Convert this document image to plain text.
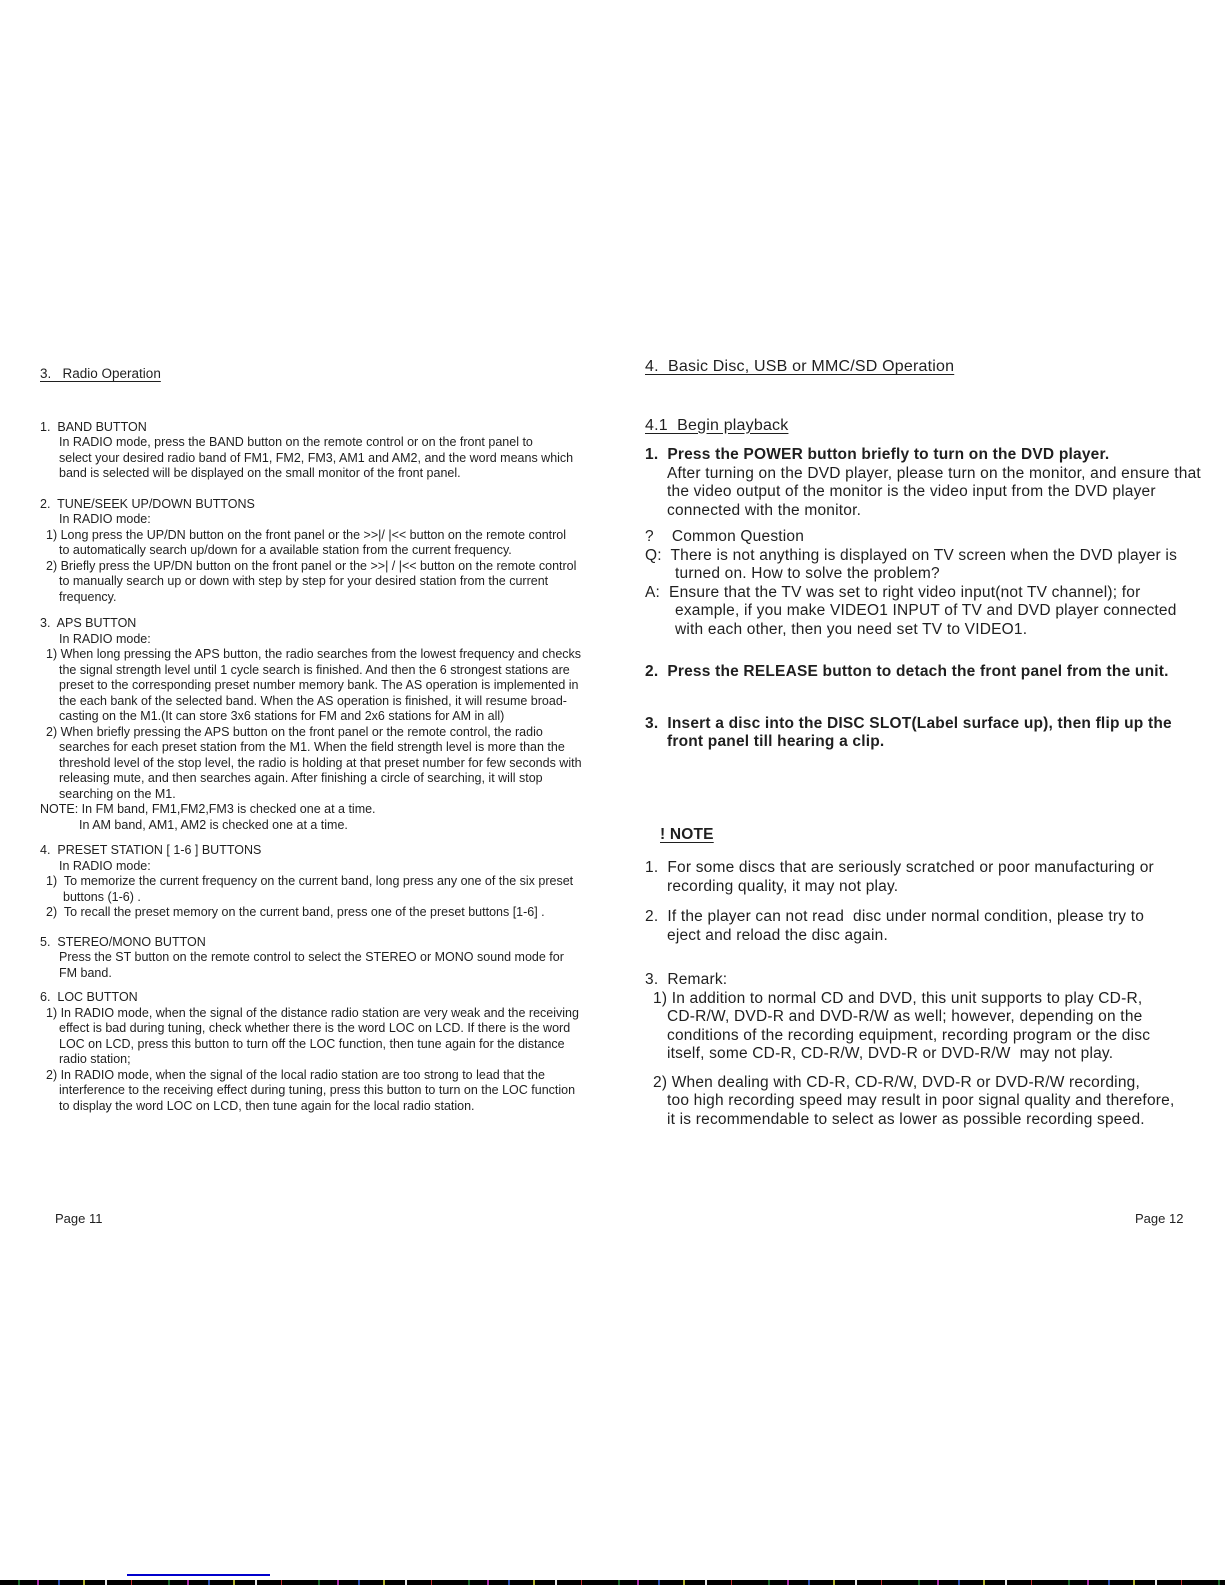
3.   Radio Operation
1.  BAND BUTTON
In RADIO mode, press the BAND button on the remote control or on the front panel to
select your desired radio band of FM1, FM2, FM3, AM1 and AM2, and the word means which
band is selected will be displayed on the small monitor of the front panel.
2.  TUNE/SEEK UP/DOWN BUTTONS
In RADIO mode:
1) Long press the UP/DN button on the front panel or the >>|/ |<< button on the remote control
to automatically search up/down for a available station from the current frequency.
2) Briefly press the UP/DN button on the front panel or the >>| / |<< button on the remote control
to manually search up or down with step by step for your desired station from the current
frequency.
3.  APS BUTTON
In RADIO mode:
1) When long pressing the APS button, the radio searches from the lowest frequency and checks
the signal strength level until 1 cycle search is finished. And then the 6 strongest stations are
preset to the corresponding preset number memory bank. The AS operation is implemented in
the each bank of the selected band. When the AS operation is finished, it will resume broad-
casting on the M1.(It can store 3x6 stations for FM and 2x6 stations for AM in all)
2) When briefly pressing the APS button on the front panel or the remote control, the radio
searches for each preset station from the M1. When the field strength level is more than the
threshold level of the stop level, the radio is holding at that preset number for few seconds with
releasing mute, and then searches again. After finishing a circle of searching, it will stop
searching on the M1.
NOTE: In FM band, FM1,FM2,FM3 is checked one at a time.
In AM band, AM1, AM2 is checked one at a time.
4.  PRESET STATION [ 1-6 ] BUTTONS
In RADIO mode:
1)  To memorize the current frequency on the current band, long press any one of the six preset
buttons (1-6) .
2)  To recall the preset memory on the current band, press one of the preset buttons [1-6] .
5.  STEREO/MONO BUTTON
Press the ST button on the remote control to select the STEREO or MONO sound mode for
FM band.
6.  LOC BUTTON
1) In RADIO mode, when the signal of the distance radio station are very weak and the receiving
effect is bad during tuning, check whether there is the word LOC on LCD. If there is the word
LOC on LCD, press this button to turn off the LOC function, then tune again for the distance
radio station;
2) In RADIO mode, when the signal of the local radio station are too strong to lead that the
interference to the receiving effect during tuning, press this button to turn on the LOC function
to display the word LOC on LCD, then tune again for the local radio station.
4.  Basic Disc, USB or MMC/SD Operation
4.1  Begin playback
1.  Press the POWER button briefly to turn on the DVD player.
After turning on the DVD player, please turn on the monitor, and ensure that
the video output of the monitor is the video input from the DVD player
connected with the monitor.
?    Common Question
Q:  There is not anything is displayed on TV screen when the DVD player is
turned on. How to solve the problem?
A:  Ensure that the TV was set to right video input(not TV channel); for
example, if you make VIDEO1 INPUT of TV and DVD player connected
with each other, then you need set TV to VIDEO1.
2.  Press the RELEASE button to detach the front panel from the unit.
3.  Insert a disc into the DISC SLOT(Label surface up), then flip up the
front panel till hearing a clip.
! NOTE
1.  For some discs that are seriously scratched or poor manufacturing or
recording quality, it may not play.
2.  If the player can not read  disc under normal condition, please try to
eject and reload the disc again.
3.  Remark:
1) In addition to normal CD and DVD, this unit supports to play CD-R,
CD-R/W, DVD-R and DVD-R/W as well; however, depending on the
conditions of the recording equipment, recording program or the disc
itself, some CD-R, CD-R/W, DVD-R or DVD-R/W  may not play.
2) When dealing with CD-R, CD-R/W, DVD-R or DVD-R/W recording,
too high recording speed may result in poor signal quality and therefore,
it is recommendable to select as lower as possible recording speed.
Page 11	Page 12
